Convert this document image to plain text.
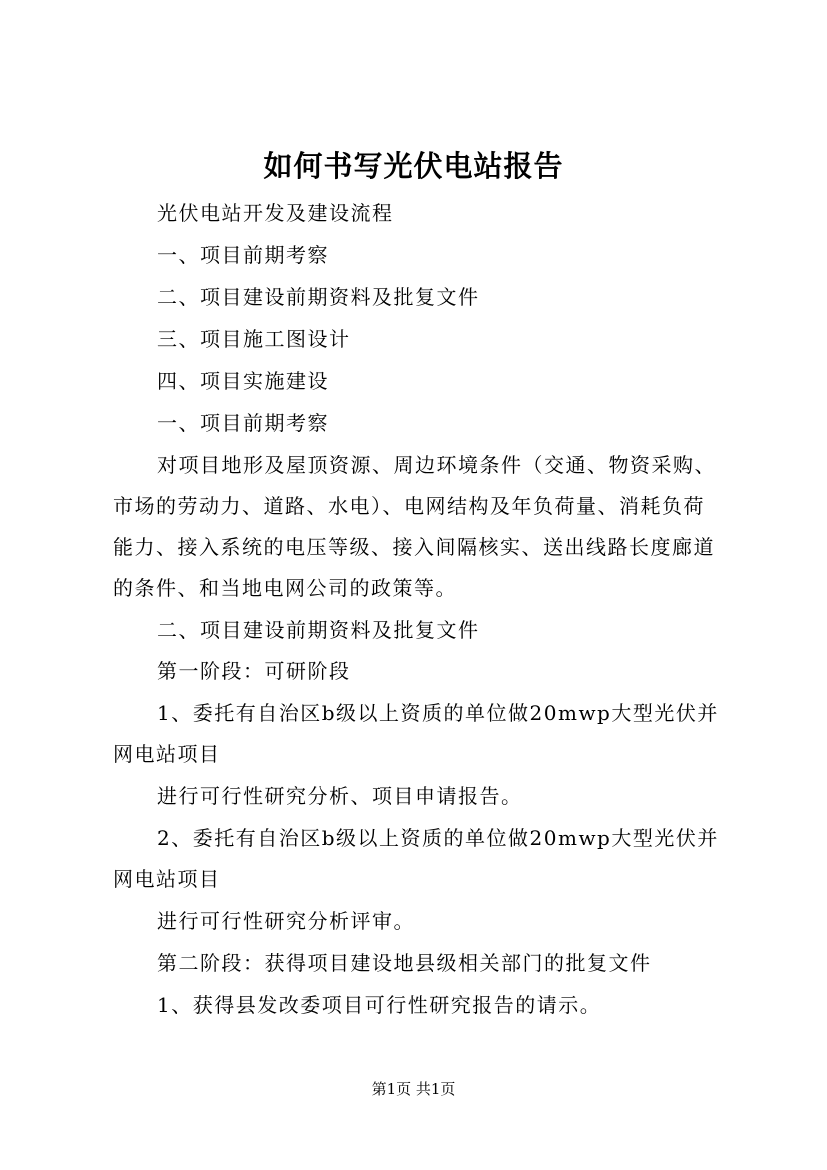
如何书写光伏电站报告
光伏电站开发及建设流程
一、项目前期考察
二、项目建设前期资料及批复文件
三、项目施工图设计
四、项目实施建设
一、项目前期考察
对项目地形及屋顶资源、周边环境条件（交通、物资采购、
市场的劳动力、道路、水电）、电网结构及年负荷量、消耗负荷
能力、接入系统的电压等级、接入间隔核实、送出线路长度廊道
的条件、和当地电网公司的政策等。
二、项目建设前期资料及批复文件
第一阶段：可研阶段
1、委托有自治区b级以上资质的单位做20mwp大型光伏并
网电站项目
进行可行性研究分析、项目申请报告。
2、委托有自治区b级以上资质的单位做20mwp大型光伏并
网电站项目
进行可行性研究分析评审。
第二阶段：获得项目建设地县级相关部门的批复文件
1、获得县发改委项目可行性研究报告的请示。
第1页 共1页
